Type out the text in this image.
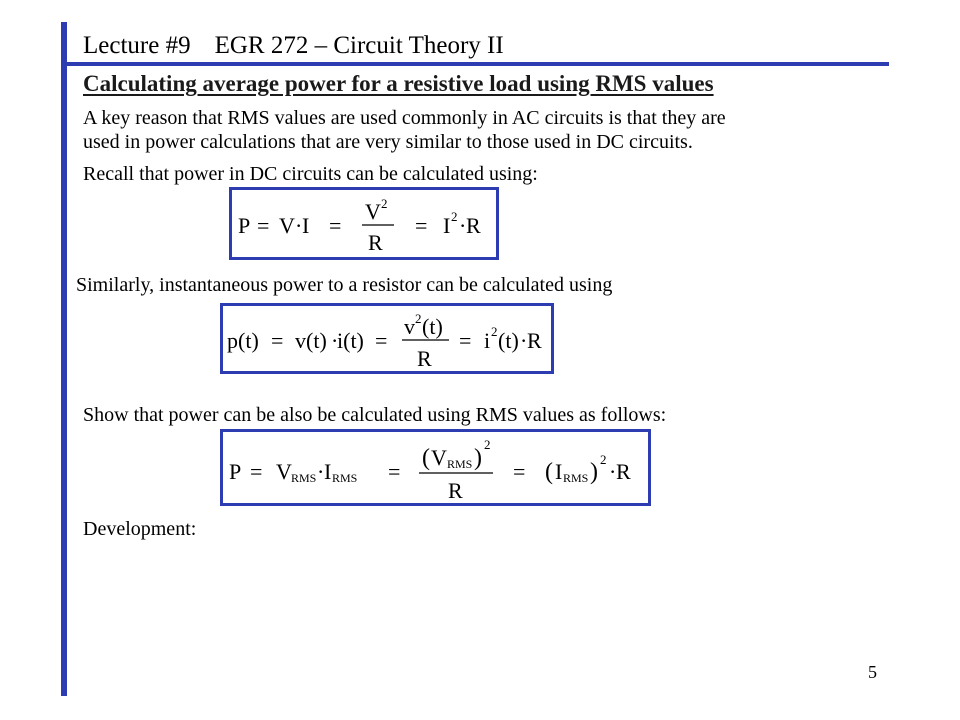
Lecture #9 EGR 272 – Circuit Theory II
Calculating average power for a resistive load using RMS values
A key reason that RMS values are used commonly in AC circuits is that they are
used in power calculations that are very similar to those used in DC circuits.
Recall that power in DC circuits can be calculated using:
P = V · I =
V 2
R
= I 2 · R
Similarly, instantaneous power to a resistor can be calculated using
p(t) = v(t) ·
i(t) =
v 2 (t)
R
= i 2 (t) · R
Show that power can be also be calculated using RMS values as follows:
P = V RMS · I RMS =
( V RMS )
2
R
= ( I RMS ) 2 · R
Development:
5
